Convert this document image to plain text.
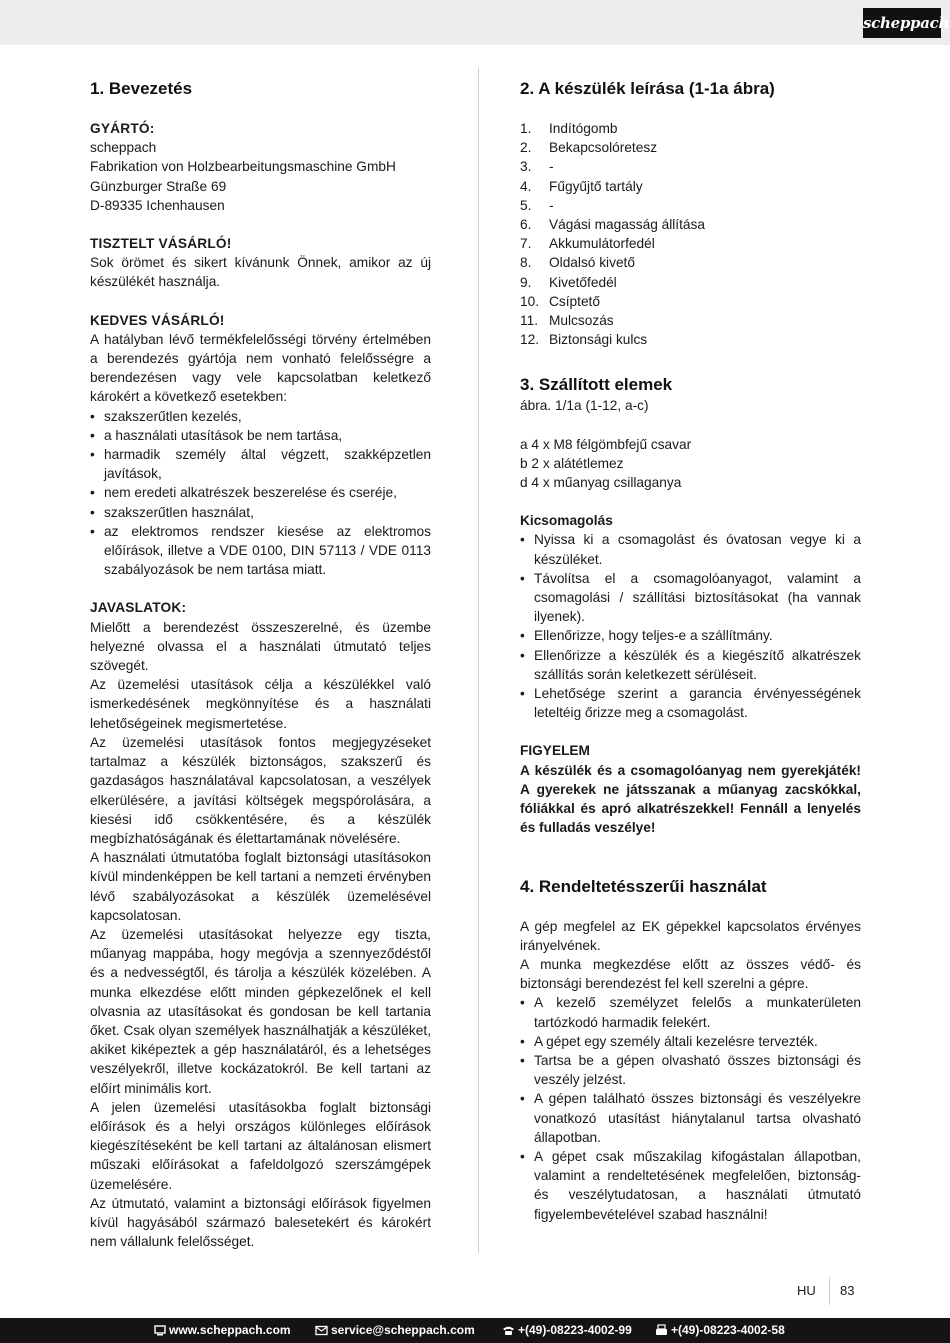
scheppach
1. Bevezetés

GYÁRTÓ:

scheppach

Fabrikation von Holzbearbeitungsmaschine GmbH

Günzburger Straße 69

D-89335 Ichenhausen

TISZTELT VÁSÁRLÓ!

Sok örömet és sikert kívánunk Önnek, amikor az új készülékét használja.

KEDVES VÁSÁRLÓ!

A hatályban lévő termékfelelősségi törvény értelmében a berendezés gyártója nem vonható felelősségre a berendezésen vagy vele kapcsolatban keletkező károkért a következő esetekben:

• szakszerűtlen kezelés,
• a használati utasítások be nem tartása,
• harmadik személy által végzett, szakképzetlen javítások,
• nem eredeti alkatrészek beszerelése és cseréje,
• szakszerűtlen használat,
• az elektromos rendszer kiesése az elektromos előírások, illetve a VDE 0100, DIN 57113 / VDE 0113 szabályozások be nem tartása miatt.

JAVASLATOK:

Mielőtt a berendezést összeszerelné, és üzembe helyezné olvassa el a használati útmutató teljes szövegét.

Az üzemelési utasítások célja a készülékkel való ismerkedésének megkönnyítése és a használati lehetőségeinek megismertetése.

Az üzemelési utasítások fontos megjegyzéseket tartalmaz a készülék biztonságos, szakszerű és gazdaságos használatával kapcsolatosan, a veszélyek elkerülésére, a javítási költségek megspórolására, a kiesési idő csökkentésére, és a készülék megbízhatóságának és élettartamának növelésére.

A használati útmutatóba foglalt biztonsági utasításokon kívül mindenképpen be kell tartani a nemzeti érvényben lévő szabályozásokat a készülék üzemelésével kapcsolatosan.

Az üzemelési utasításokat helyezze egy tiszta, műanyag mappába, hogy megóvja a szennyeződéstől és a nedvességtől, és tárolja a készülék közelében. A munka elkezdése előtt minden gépkezelőnek el kell olvasnia az utasításokat és gondosan be kell tartania őket. Csak olyan személyek használhatják a készüléket, akiket kiképeztek a gép használatáról, és a lehetséges veszélyekről, illetve kockázatokról. Be kell tartani az előírt minimális kort.

A jelen üzemelési utasításokba foglalt biztonsági előírások és a helyi országos különleges előírások kiegészítéseként be kell tartani az általánosan elismert műszaki előírásokat a fafeldolgozó szerszámgépek üzemelésére.

Az útmutató, valamint a biztonsági előírások figyelmen kívül hagyásából származó balesetekért és károkért nem vállalunk felelősséget.

2. A készülék leírása (1-1a ábra)
1.	Indítógomb
2.	Bekapcsolóretesz
3.	-
4.	Fűgyűjtő tartály
5.	-
6.	Vágási magasság állítása
7.	Akkumulátorfedél
8.	Oldalsó kivető
9.	Kivetőfedél
10. Csíptető
11. Mulcsozás
12. Biztonsági kulcs
3. Szállított elemek

ábra. 1/1a (1-12, a-c)

a 4 x M8 félgömbfejű csavar

b 2 x alátétlemez

d 4 x műanyag csillaganya

Kicsomagolás

• Nyissa ki a csomagolást és óvatosan vegye ki a készüléket.
• Távolítsa el a csomagolóanyagot, valamint a csomagolási / szállítási biztosításokat (ha vannak ilyenek).
• Ellenőrizze, hogy teljes-e a szállítmány.
• Ellenőrizze a készülék és a kiegészítő alkatrészek szállítás során keletkezett sérüléseit.
• Lehetősége szerint a garancia érvényességének leteltéig őrizze meg a csomagolást.

FIGYELEM

A készülék és a csomagolóanyag nem gyerekjáték! A gyerekek ne játsszanak a műanyag zacskókkal, fóliákkal és apró alkatrészekkel! Fennáll a lenyelés és fulladás veszélye!

4. Rendeltetésszerűi használat

A gép megfelel az EK gépekkel kapcsolatos érvényes irányelvének.

A munka megkezdése előtt az összes védő- és biztonsági berendezést fel kell szerelni a gépre.

• A kezelő személyzet felelős a munkaterületen tartózkodó harmadik felekért.
• A gépet egy személy általi kezelésre tervezték.
• Tartsa be a gépen olvasható összes biztonsági és veszély jelzést.
• A gépen található összes biztonsági és veszélyekre vonatkozó utasítást hiánytalanul tartsa olvasható állapotban.
• A gépet csak műszakilag kifogástalan állapotban, valamint a rendeltetésének megfelelően, biztonság- és veszélytudatosan, a használati útmutató figyelembevételével szabad használni!
HU 83
www.scheppach.com	service@scheppach.com	+(49)-08223-4002-99	+(49)-08223-4002-58
